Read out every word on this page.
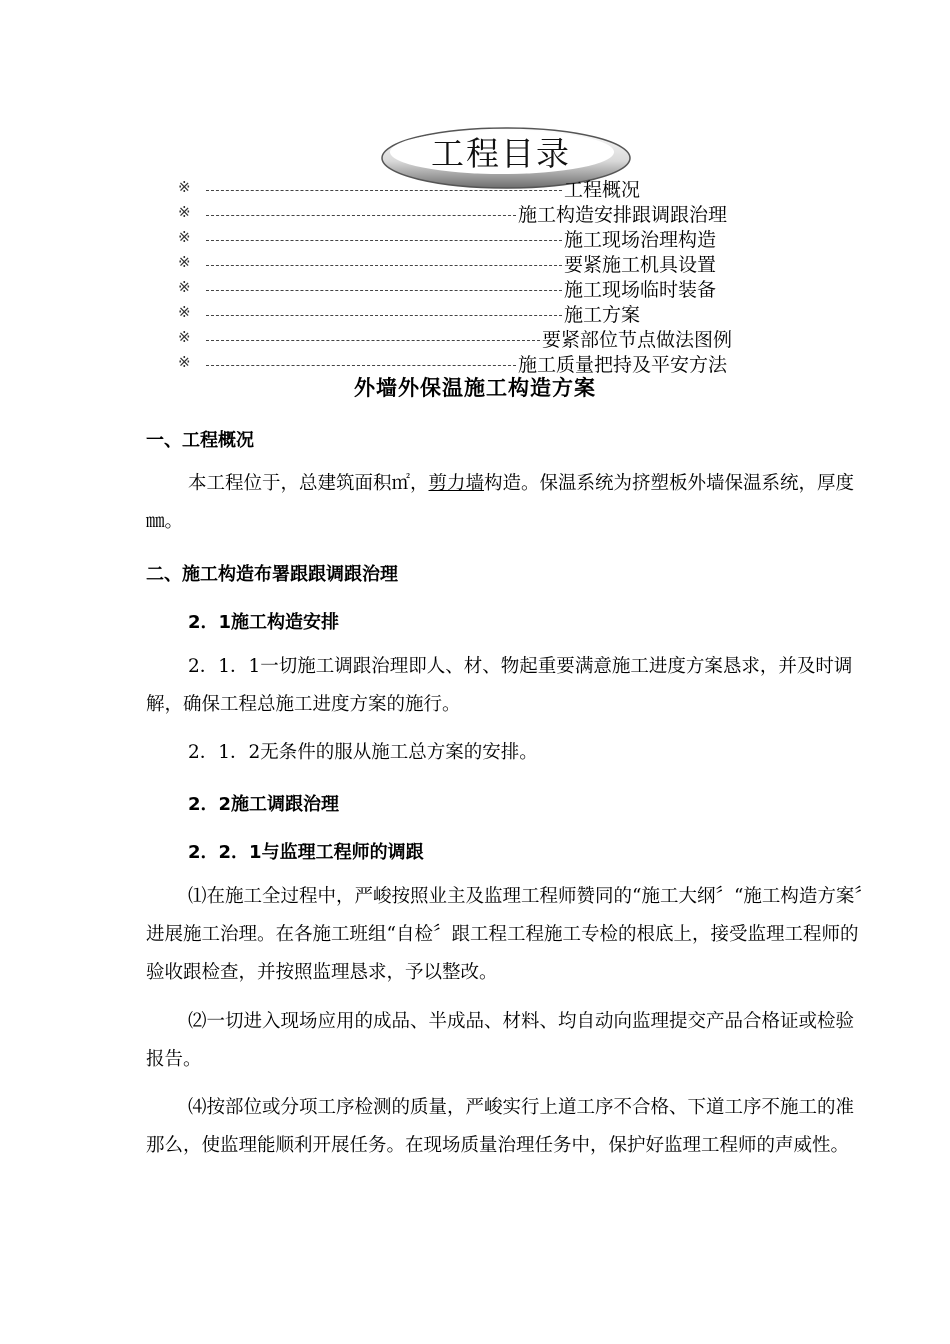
工程目录
※	工程概况
※	施工构造安排跟调跟治理
※	施工现场治理构造
※	要紧施工机具设置
※	施工现场临时装备
※	施工方案
※	要紧部位节点做法图例
※	施工质量把持及平安方法
外墙外保温施工构造方案
一、工程概况
本工程位于，总建筑面积㎡，剪力墙构造。保温系统为挤塑板外墙保温系统，厚度㎜。
二、施工构造布署跟跟调跟治理
2．1施工构造安排
2．1．1一切施工调跟治理即人、材、物起重要满意施工进度方案恳求，并及时调解，确保工程总施工进度方案的施行。
2．1．2无条件的服从施工总方案的安排。
2．2施工调跟治理
2．2．1与监理工程师的调跟
⑴在施工全过程中，严峻按照业主及监理工程师赞同的“施工大纲〞“施工构造方案〞进展施工治理。在各施工班组“自检〞跟工程工程施工专检的根底上，接受监理工程师的验收跟检查，并按照监理恳求，予以整改。
⑵一切进入现场应用的成品、半成品、材料、均自动向监理提交产品合格证或检验报告。
⑷按部位或分项工序检测的质量，严峻实行上道工序不合格、下道工序不施工的准那么，使监理能顺利开展任务。在现场质量治理任务中，保护好监理工程师的声威性。
